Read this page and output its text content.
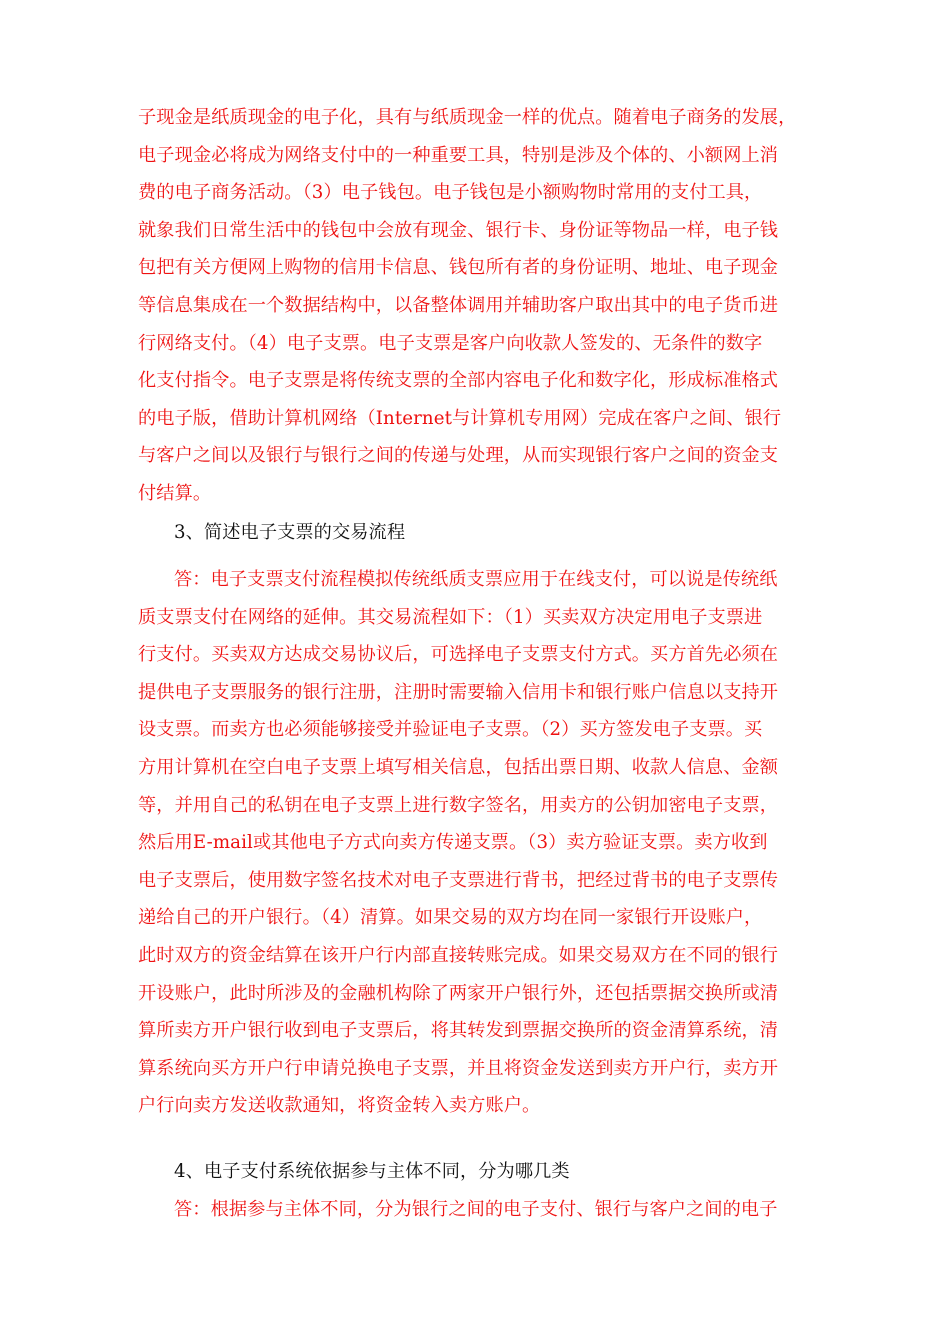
子现金是纸质现金的电子化，具有与纸质现金一样的优点。随着电子商务的发展，
电子现金必将成为网络支付中的一种重要工具，特别是涉及个体的、小额网上消
费的电子商务活动。（3）电子钱包。电子钱包是小额购物时常用的支付工具，
就象我们日常生活中的钱包中会放有现金、银行卡、身份证等物品一样，电子钱
包把有关方便网上购物的信用卡信息、钱包所有者的身份证明、地址、电子现金
等信息集成在一个数据结构中，以备整体调用并辅助客户取出其中的电子货币进
行网络支付。（4）电子支票。电子支票是客户向收款人签发的、无条件的数字
化支付指令。电子支票是将传统支票的全部内容电子化和数字化，形成标准格式
的电子版，借助计算机网络（Internet与计算机专用网）完成在客户之间、银行
与客户之间以及银行与银行之间的传递与处理，从而实现银行客户之间的资金支
付结算。
3、简述电子支票的交易流程
答：电子支票支付流程模拟传统纸质支票应用于在线支付，可以说是传统纸
质支票支付在网络的延伸。其交易流程如下：（1）买卖双方决定用电子支票进
行支付。买卖双方达成交易协议后，可选择电子支票支付方式。买方首先必须在
提供电子支票服务的银行注册，注册时需要输入信用卡和银行账户信息以支持开
设支票。而卖方也必须能够接受并验证电子支票。（2）买方签发电子支票。买
方用计算机在空白电子支票上填写相关信息，包括出票日期、收款人信息、金额
等，并用自己的私钥在电子支票上进行数字签名，用卖方的公钥加密电子支票，
然后用E-mail或其他电子方式向卖方传递支票。（3）卖方验证支票。卖方收到
电子支票后，使用数字签名技术对电子支票进行背书，把经过背书的电子支票传
递给自己的开户银行。（4）清算。如果交易的双方均在同一家银行开设账户，
此时双方的资金结算在该开户行内部直接转账完成。如果交易双方在不同的银行
开设账户，此时所涉及的金融机构除了两家开户银行外，还包括票据交换所或清
算所卖方开户银行收到电子支票后，将其转发到票据交换所的资金清算系统，清
算系统向买方开户行申请兑换电子支票，并且将资金发送到卖方开户行，卖方开
户行向卖方发送收款通知，将资金转入卖方账户。
4、电子支付系统依据参与主体不同，分为哪几类
答：根据参与主体不同，分为银行之间的电子支付、银行与客户之间的电子
